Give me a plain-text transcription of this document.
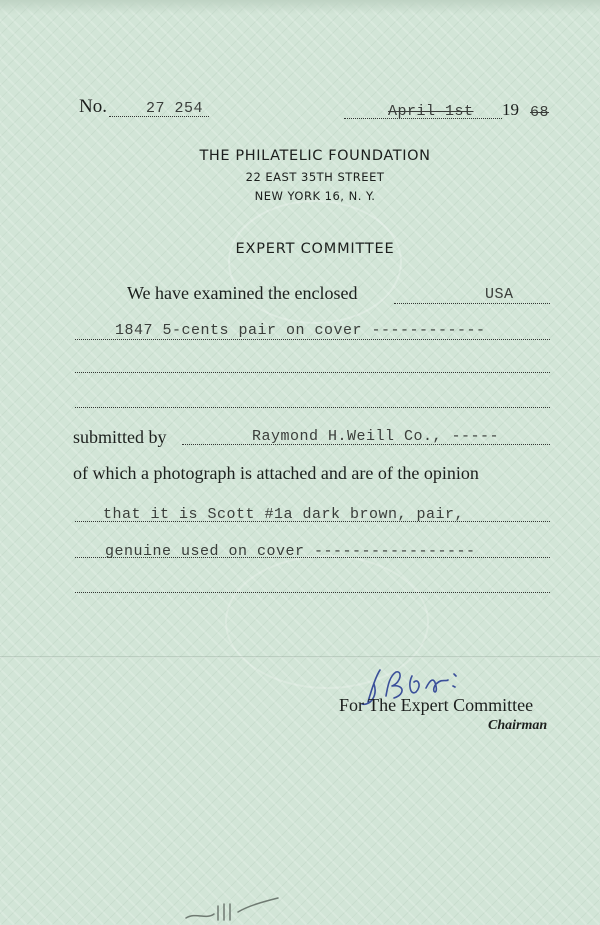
No.	27 254	April 1st 19 68
THE PHILATELIC FOUNDATION
22 EAST 35TH STREET
NEW YORK 16, N. Y.
EXPERT COMMITTEE
We have examined the enclosed	USA
1847 5-cents pair on cover ------------
submitted by	Raymond H.Weill Co., -----
of which a photograph is attached and are of the opinion
that it is Scott #1a dark brown, pair,
genuine used on cover -----------------
For The Expert Committee
Chairman
